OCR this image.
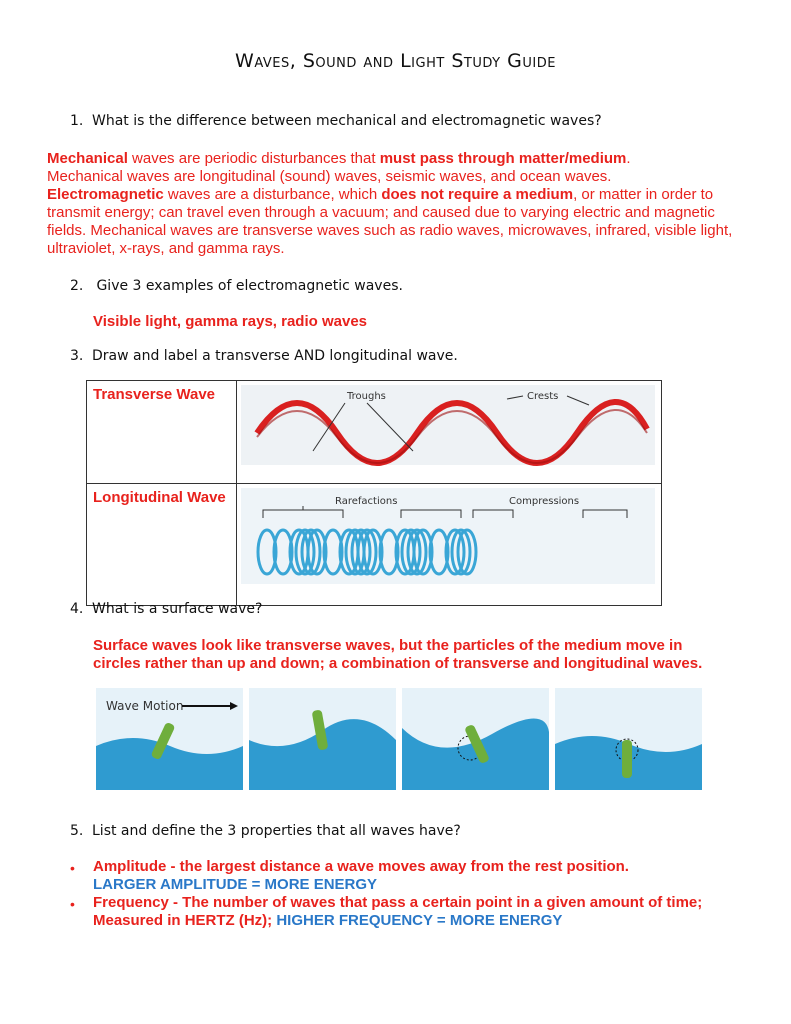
Waves, Sound and Light Study Guide
1. What is the difference between mechanical and electromagnetic waves?
Mechanical waves are periodic disturbances that must pass through matter/medium.
Mechanical waves are longitudinal (sound) waves, seismic waves, and ocean waves.
Electromagnetic waves are a disturbance, which does not require a medium, or matter in order to transmit energy; can travel even through a vacuum; and caused due to varying electric and magnetic fields. Mechanical waves are transverse waves such as radio waves, microwaves, infrared, visible light, ultraviolet, x-rays, and gamma rays.
2. Give 3 examples of electromagnetic waves.
Visible light, gamma rays, radio waves
3. Draw and label a transverse AND longitudinal wave.
Transverse Wave	Troughs Crests

Longitudinal Wave	Rarefactions Compressions
4. What is a surface wave?
Surface waves look like transverse waves, but the particles of the medium move in circles rather than up and down; a combination of transverse and longitudinal waves.
Wave Motion
5. List and define the 3 properties that all waves have?
• Amplitude - the largest distance a wave moves away from the rest position.
LARGER AMPLITUDE = MORE ENERGY
• Frequency - The number of waves that pass a certain point in a given amount of time;
Measured in HERTZ (Hz); HIGHER FREQUENCY = MORE ENERGY
